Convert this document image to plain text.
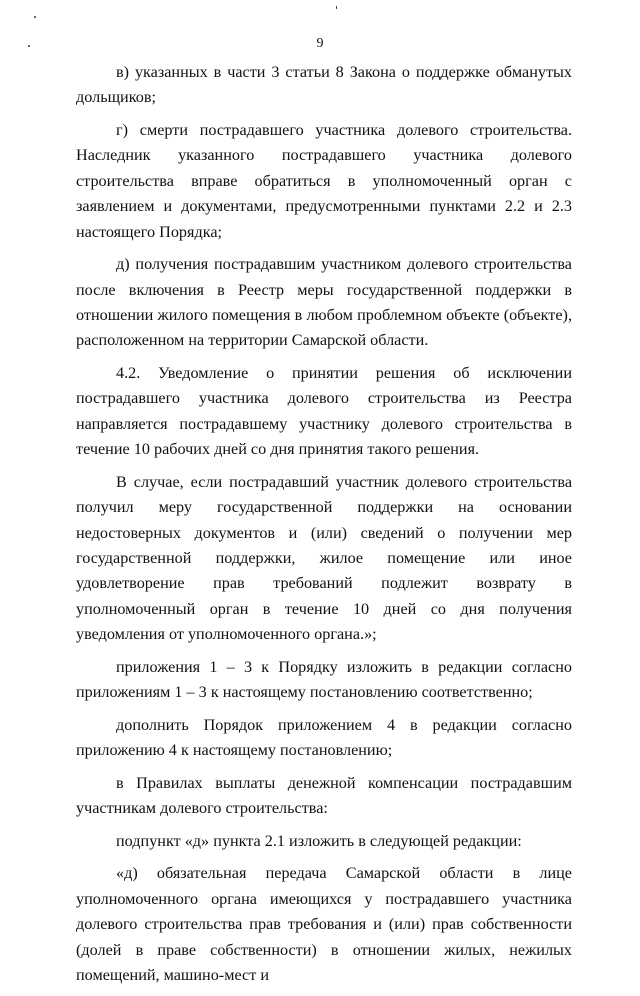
9

в) указанных в части 3 статьи 8 Закона о поддержке обманутых дольщиков;

г) смерти пострадавшего участника долевого строительства. Наследник указанного пострадавшего участника долевого строительства вправе обратиться в уполномоченный орган с заявлением и документами, предусмотренными пунктами 2.2 и 2.3 настоящего Порядка;

д) получения пострадавшим участником долевого строительства после включения в Реестр меры государственной поддержки в отношении жилого помещения в любом проблемном объекте (объекте), расположенном на территории Самарской области.

4.2. Уведомление о принятии решения об исключении пострадавшего участника долевого строительства из Реестра направляется пострадавшему участнику долевого строительства в течение 10 рабочих дней со дня принятия такого решения.

В случае, если пострадавший участник долевого строительства получил меру государственной поддержки на основании недостоверных документов и (или) сведений о получении мер государственной поддержки, жилое помещение или иное удовлетворение прав требований подлежит возврату в уполномоченный орган в течение 10 дней со дня получения уведомления от уполномоченного органа.»;

приложения 1 – 3 к Порядку изложить в редакции согласно приложениям 1 – 3 к настоящему постановлению соответственно;

дополнить Порядок приложением 4 в редакции согласно приложению 4 к настоящему постановлению;

в Правилах выплаты денежной компенсации пострадавшим участникам долевого строительства:

подпункт «д» пункта 2.1 изложить в следующей редакции:

«д) обязательная передача Самарской области в лице уполномоченного органа имеющихся у пострадавшего участника долевого строительства прав требования и (или) прав собственности (долей в праве собственности) в отношении жилых, нежилых помещений, машино-мест и
